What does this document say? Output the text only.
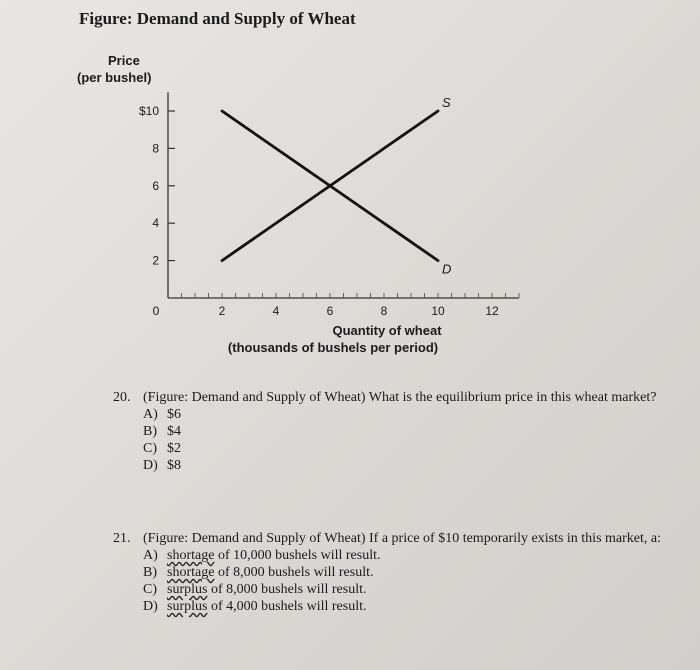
Figure: Demand and Supply of Wheat
Price
(per bushel)
$10
8
6
4
2
0	2	4	6	8	10	12
Quantity of wheat
(thousands of bushels per period)
S
D
20. (Figure: Demand and Supply of Wheat) What is the equilibrium price in this wheat market?
A) $6
B) $4
C) $2
D) $8
21. (Figure: Demand and Supply of Wheat) If a price of $10 temporarily exists in this market, a:
A) shortage of 10,000 bushels will result.
B) shortage of 8,000 bushels will result.
C) surplus of 8,000 bushels will result.
D) surplus of 4,000 bushels will result.
